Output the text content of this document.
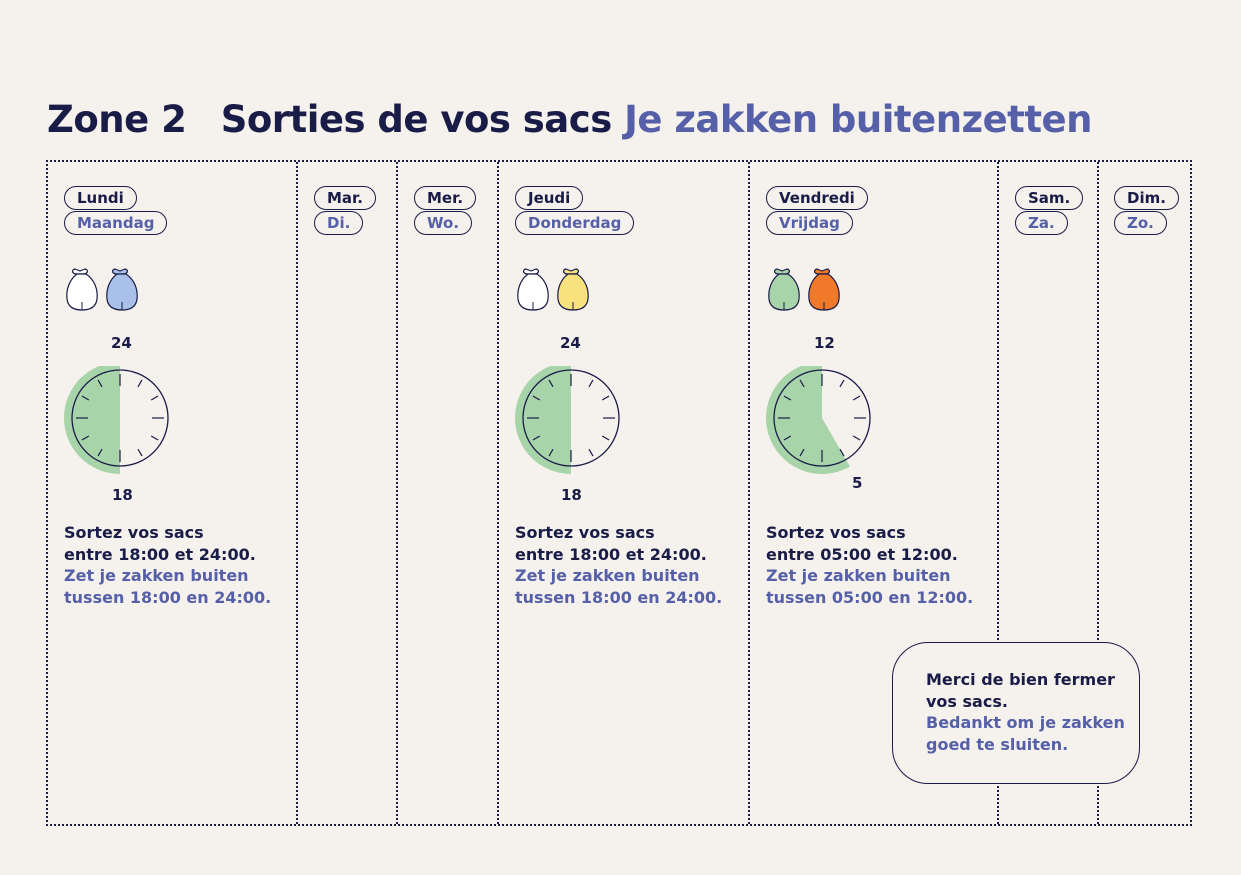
Zone 2 Sorties de vos sacs Je zakken buitenzetten
Lundi
Maandag
24
18
Sortez vos sacs
entre 18:00 et 24:00.
Zet je zakken buiten
tussen 18:00 en 24:00.
Mar.
Di.
Mer.
Wo.
Jeudi
Donderdag
24
18
Sortez vos sacs
entre 18:00 et 24:00.
Zet je zakken buiten
tussen 18:00 en 24:00.
Vendredi
Vrijdag
12
5
Sortez vos sacs
entre 05:00 et 12:00.
Zet je zakken buiten
tussen 05:00 en 12:00.
Sam.
Za.
Dim.
Zo.
Merci de bien fermer
vos sacs.
Bedankt om je zakken
goed te sluiten.
